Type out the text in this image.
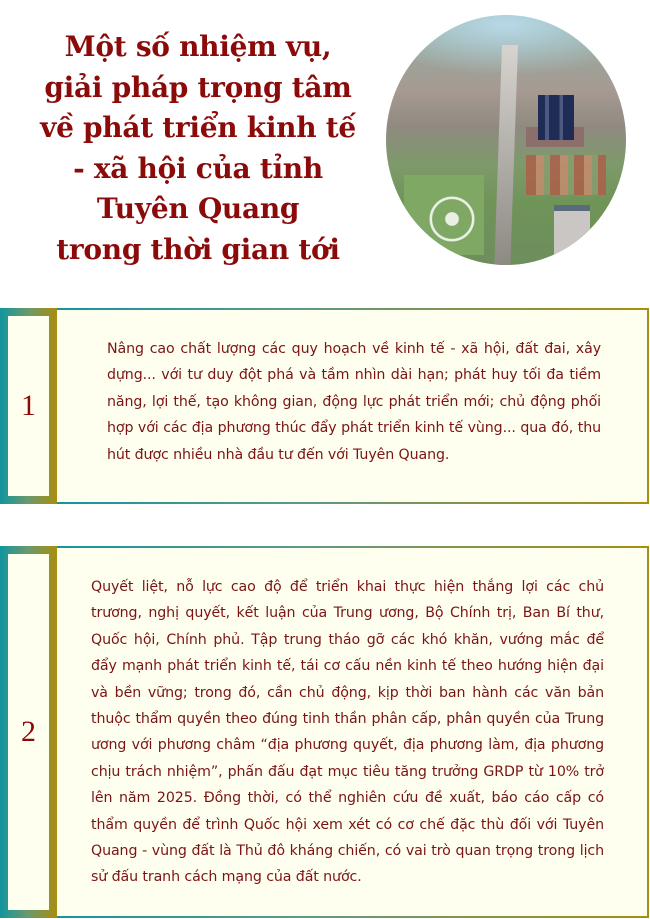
Một số nhiệm vụ,
giải pháp trọng tâm
về phát triển kinh tế
- xã hội của tỉnh
Tuyên Quang
trong thời gian tới
1

Nâng cao chất lượng các quy hoạch về kinh tế - xã hội, đất đai, xây dựng... với tư duy đột phá và tầm nhìn dài hạn; phát huy tối đa tiềm năng, lợi thế, tạo không gian, động lực phát triển mới; chủ động phối hợp với các địa phương thúc đẩy phát triển kinh tế vùng... qua đó, thu hút được nhiều nhà đầu tư đến với Tuyên Quang.

2

Quyết liệt, nỗ lực cao độ để triển khai thực hiện thắng lợi các chủ trương, nghị quyết, kết luận của Trung ương, Bộ Chính trị, Ban Bí thư, Quốc hội, Chính phủ. Tập trung tháo gỡ các khó khăn, vướng mắc để đẩy mạnh phát triển kinh tế, tái cơ cấu nền kinh tế theo hướng hiện đại và bền vững; trong đó, cần chủ động, kịp thời ban hành các văn bản thuộc thẩm quyền theo đúng tinh thần phân cấp, phân quyền của Trung ương với phương châm “địa phương quyết, địa phương làm, địa phương chịu trách nhiệm”, phấn đấu đạt mục tiêu tăng trưởng GRDP từ 10% trở lên năm 2025. Đồng thời, có thể nghiên cứu đề xuất, báo cáo cấp có thẩm quyền để trình Quốc hội xem xét có cơ chế đặc thù đối với Tuyên Quang - vùng đất là Thủ đô kháng chiến, có vai trò quan trọng trong lịch sử đấu tranh cách mạng của đất nước.
